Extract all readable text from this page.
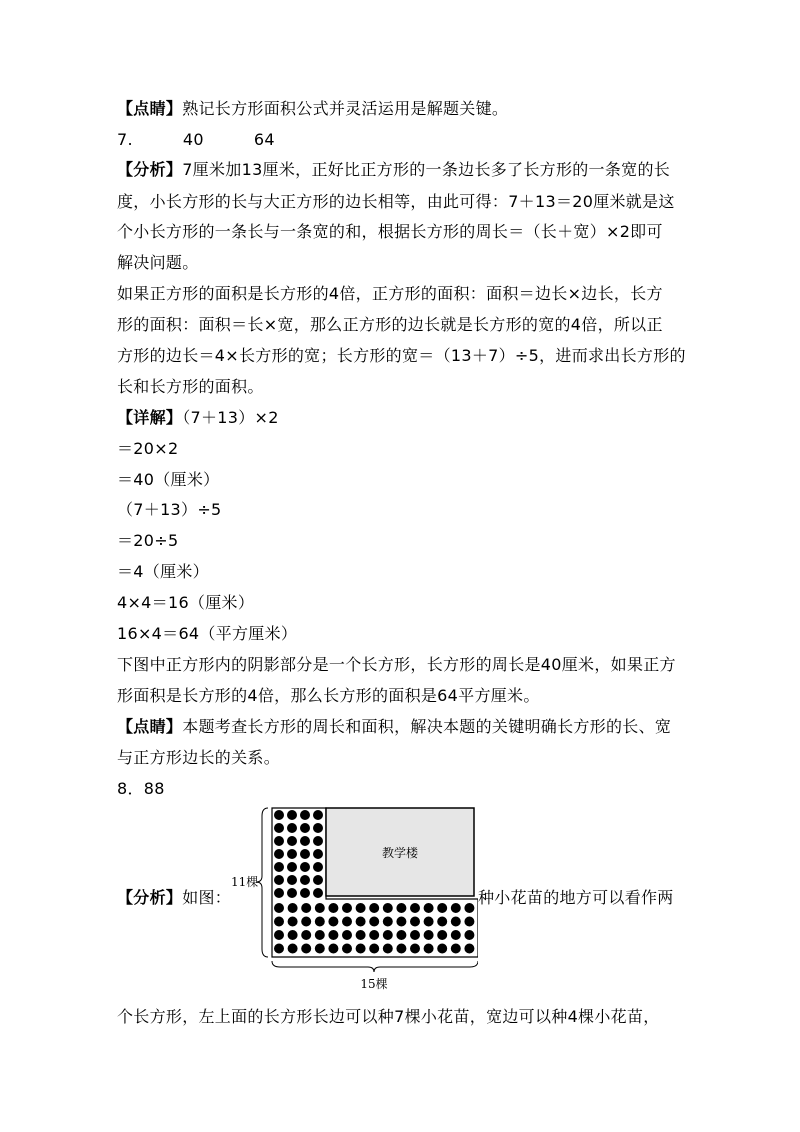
【点睛】熟记长方形面积公式并灵活运用是解题关键。
7.	40	64
【分析】7厘米加13厘米，正好比正方形的一条边长多了长方形的一条宽的长
度，小长方形的长与大正方形的边长相等，由此可得：7＋13＝20厘米就是这
个小长方形的一条长与一条宽的和，根据长方形的周长＝（长＋宽）×2即可
解决问题。
如果正方形的面积是长方形的4倍，正方形的面积：面积＝边长×边长，长方
形的面积：面积＝长×宽，那么正方形的边长就是长方形的宽的4倍，所以正
方形的边长＝4×长方形的宽；长方形的宽＝（13＋7）÷5，进而求出长方形的
长和长方形的面积。
【详解】（7＋13）×2
＝20×2
＝40（厘米）
（7＋13）÷5
＝20÷5
＝4（厘米）
4×4＝16（厘米）
16×4＝64（平方厘米）
下图中正方形内的阴影部分是一个长方形，长方形的周长是40厘米，如果正方
形面积是长方形的4倍，那么长方形的面积是64平方厘米。
【点睛】本题考查长方形的周长和面积，解决本题的关键明确长方形的长、宽
与正方形边长的关系。
8．88
【分析】如图：	种小花苗的地方可以看作两
个长方形，左上面的长方形长边可以种7棵小花苗，宽边可以种4棵小花苗，
教学楼
11棵
15棵
